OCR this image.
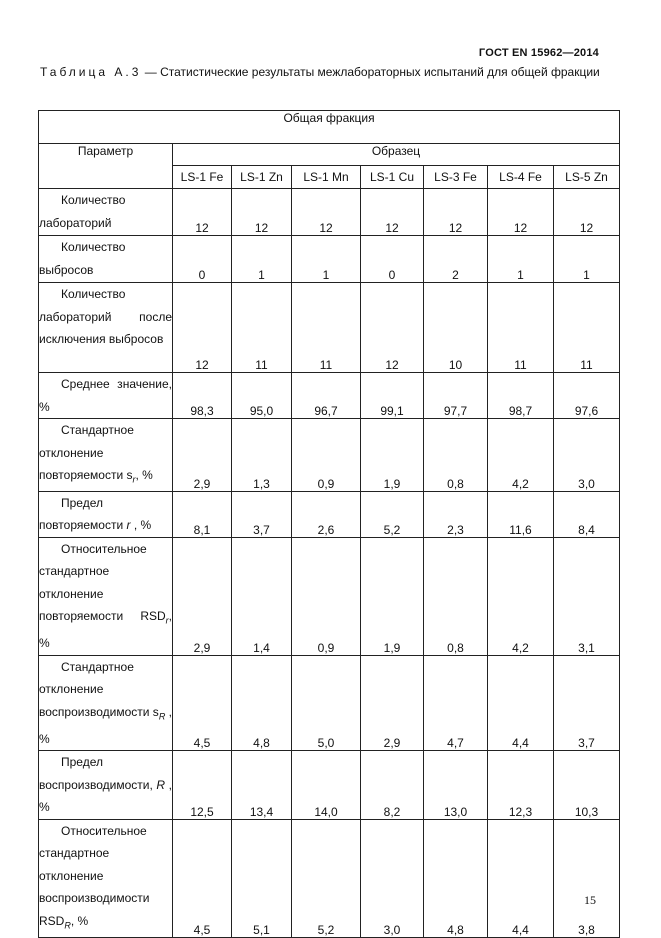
ГОСТ EN 15962—2014
Таблица А.3 — Статистические результаты межлабораторных испытаний для общей фракции
Общая фракция							
Параметр	Образец						
	LS-1 Fe	LS-1 Zn	LS-1 Mn	LS-1 Cu	LS-3 Fe	LS-4 Fe	LS-5 Zn

Количество лабораторий	12	12	12	12	12	12	12

Количество выбросов	0	1	1	0	2	1	1

Количество лабораторий после исключения выбросов	12	11	11	12	10	11	11

Среднее значение, %	98,3	95,0	96,7	99,1	97,7	98,7	97,6

Стандартное отклонение повторяемости $s_r$, %	2,9	1,3	0,9	1,9	0,8	4,2	3,0

Предел повторяемости r , %	8,1	3,7	2,6	5,2	2,3	11,6	8,4

Относительное стандартное отклонение повторяемости $RSD_r$, %	2,9	1,4	0,9	1,9	0,8	4,2	3,1

Стандартное отклонение воспроизводимости $s_R$ , %	4,5	4,8	5,0	2,9	4,7	4,4	3,7

Предел воспроизводимости, R , %	12,5	13,4	14,0	8,2	13,0	12,3	10,3

Относительное стандартное отклонение воспроизводимости $RSD_R$, %	4,5	5,1	5,2	3,0	4,8	4,4	3,8
15
